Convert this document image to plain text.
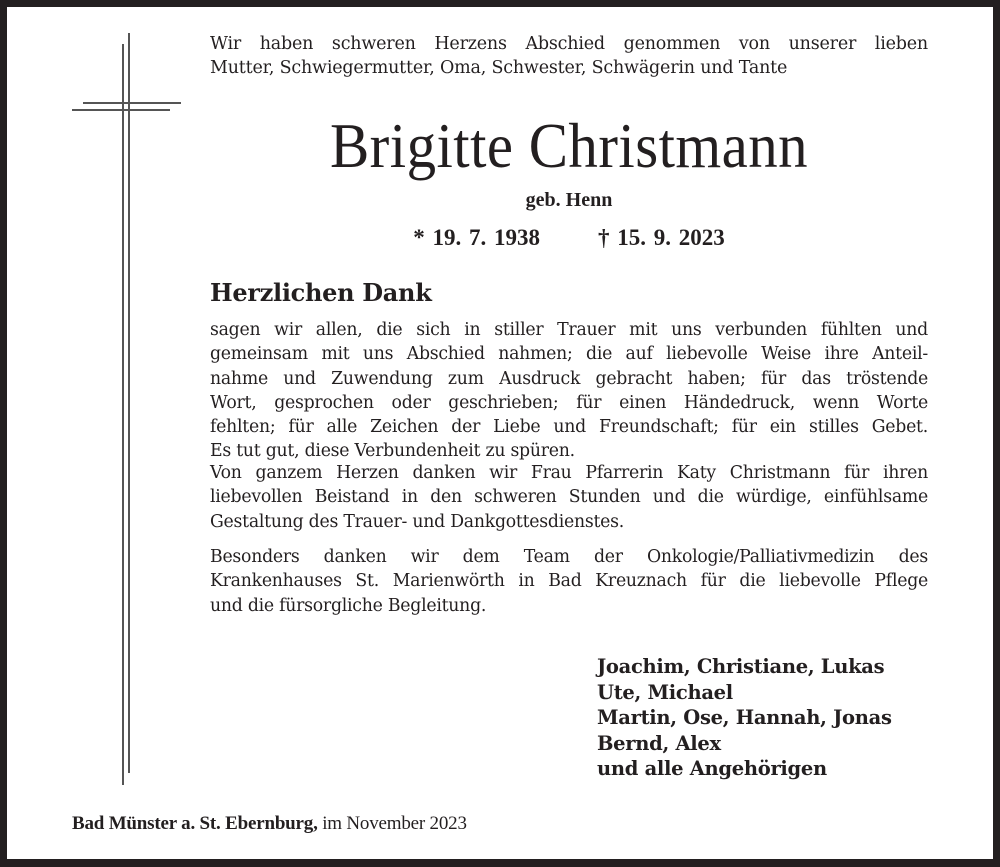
Wir haben schweren Herzens Abschied genommen von unserer lieben
Mutter, Schwiegermutter, Oma, Schwester, Schwägerin und Tante
Brigitte Christmann
geb. Henn
* 19. 7. 1938	† 15. 9. 2023
Herzlichen Dank
sagen wir allen, die sich in stiller Trauer mit uns verbunden fühlten und
gemeinsam mit uns Abschied nahmen; die auf liebevolle Weise ihre Anteil-
nahme und Zuwendung zum Ausdruck gebracht haben; für das tröstende
Wort, gesprochen oder geschrieben; für einen Händedruck, wenn Worte
fehlten; für alle Zeichen der Liebe und Freundschaft; für ein stilles Gebet.
Es tut gut, diese Verbundenheit zu spüren.
Von ganzem Herzen danken wir Frau Pfarrerin Katy Christmann für ihren
liebevollen Beistand in den schweren Stunden und die würdige, einfühlsame
Gestaltung des Trauer- und Dankgottesdienstes.
Besonders danken wir dem Team der Onkologie/Palliativmedizin des
Krankenhauses St. Marienwörth in Bad Kreuznach für die liebevolle Pflege
und die fürsorgliche Begleitung.
Joachim, Christiane, Lukas
Ute, Michael
Martin, Ose, Hannah, Jonas
Bernd, Alex
und alle Angehörigen
Bad Münster a. St. Ebernburg, im November 2023
